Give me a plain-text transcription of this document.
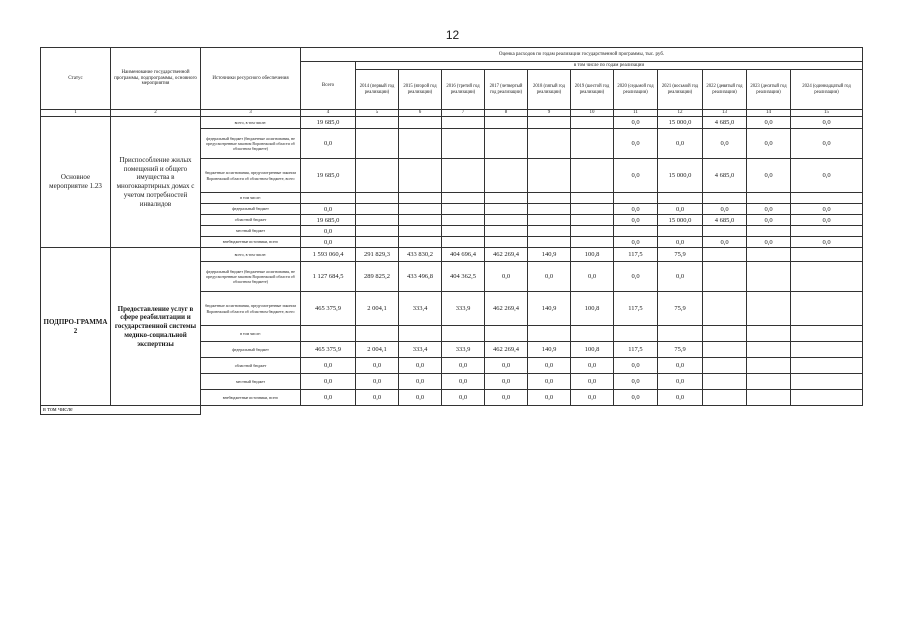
12
Статус	Наименование государственной программы, подпрограммы, основного мероприятия	Источники ресурсного обеспечения	Оценка расходов по годам реализации государственной программы, тыс. руб.											
			Всего	в том числе по годам реализации										
				2014 (первый год реализации)	2015 (второй год реализации)	2016 (третий год реализации)	2017 (четвертый год реализации)	2018 (пятый год реализации)	2019 (шестой год реализации)	2020 (седьмой год реализации)	2021 (восьмой год реализации)	2022 (девятый год реализации)	2023 (десятый год реализации)	2024 (одиннадцатый год реализации)
1	2	3	4	5	6	7	8	9	10	11	12	13	14	15
Основное мероприятие 1.23	Приспособление жилых помещений и общего имущества в многоквартирных домах с учетом потребностей инвалидов	всего, в том числе:	19 685,0							0,0	15 000,0	4 685,0	0,0	0,0
		федеральный бюджет (бюджетные ассигнования, не предусмотренные законом Воронежской области об областном бюджете)	0,0							0,0	0,0	0,0	0,0	0,0
		бюджетные ассигнования, предусмотренные законом Воронежской области об областном бюджете, всего	19 685,0							0,0	15 000,0	4 685,0	0,0	0,0
		в том числе:												
		федеральный бюджет	0,0							0,0	0,0	0,0	0,0	0,0
		областной бюджет	19 685,0							0,0	15 000,0	4 685,0	0,0	0,0
		местный бюджет	0,0											
		внебюджетные источники, всего	0,0							0,0	0,0	0,0	0,0	0,0
ПОДПРО-ГРАММА 2	Предоставление услуг в сфере реабилитации и государственной системы медико-социальной экспертизы	всего, в том числе:	1 593 060,4	291 829,3	433 830,2	404 696,4	462 269,4	140,9	100,8	117,5	75,9			
		федеральный бюджет (бюджетные ассигнования, не предусмотренные законом Воронежской области об областном бюджете)	1 127 684,5	289 825,2	433 496,8	404 362,5	0,0	0,0	0,0	0,0	0,0			
		бюджетные ассигнования, предусмотренные законом Воронежской области об областном бюджете, всего	465 375,9	2 004,1	333,4	333,9	462 269,4	140,9	100,8	117,5	75,9			
		в том числе:												
		федеральный бюджет	465 375,9	2 004,1	333,4	333,9	462 269,4	140,9	100,8	117,5	75,9			
		областной бюджет	0,0	0,0	0,0	0,0	0,0	0,0	0,0	0,0	0,0			
		местный бюджет	0,0	0,0	0,0	0,0	0,0	0,0	0,0	0,0	0,0			
		внебюджетные источники, всего	0,0	0,0	0,0	0,0	0,0	0,0	0,0	0,0	0,0			
в том числе														
